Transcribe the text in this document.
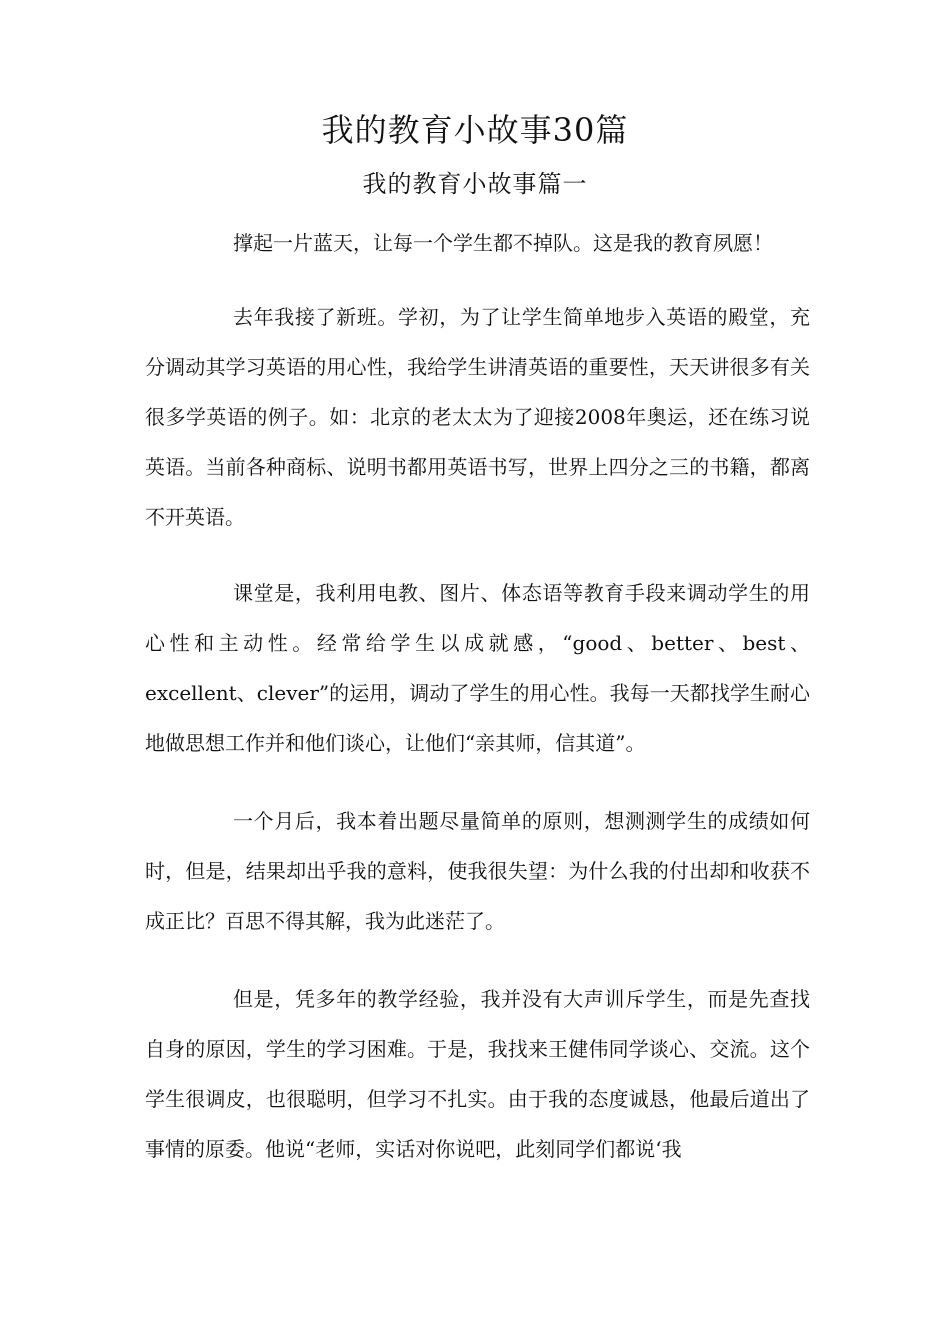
我的教育小故事30篇
我的教育小故事篇一

撑起一片蓝天，让每一个学生都不掉队。这是我的教育夙愿！

去年我接了新班。学初，为了让学生简单地步入英语的殿堂，充分调动其学习英语的用心性，我给学生讲清英语的重要性，天天讲很多有关很多学英语的例子。如：北京的老太太为了迎接2008年奥运，还在练习说英语。当前各种商标、说明书都用英语书写，世界上四分之三的书籍，都离不开英语。

课堂是，我利用电教、图片、体态语等教育手段来调动学生的用心性和主动性。经常给学生以成就感，“good、better、best、excellent、clever”的运用，调动了学生的用心性。我每一天都找学生耐心地做思想工作并和他们谈心，让他们“亲其师，信其道”。

一个月后，我本着出题尽量简单的原则，想测测学生的成绩如何时，但是，结果却出乎我的意料，使我很失望：为什么我的付出却和收获不成正比？百思不得其解，我为此迷茫了。

但是，凭多年的教学经验，我并没有大声训斥学生，而是先查找自身的原因，学生的学习困难。于是，我找来王健伟同学谈心、交流。这个学生很调皮，也很聪明，但学习不扎实。由于我的态度诚恳，他最后道出了事情的原委。他说“老师，实话对你说吧，此刻同学们都说‘我
